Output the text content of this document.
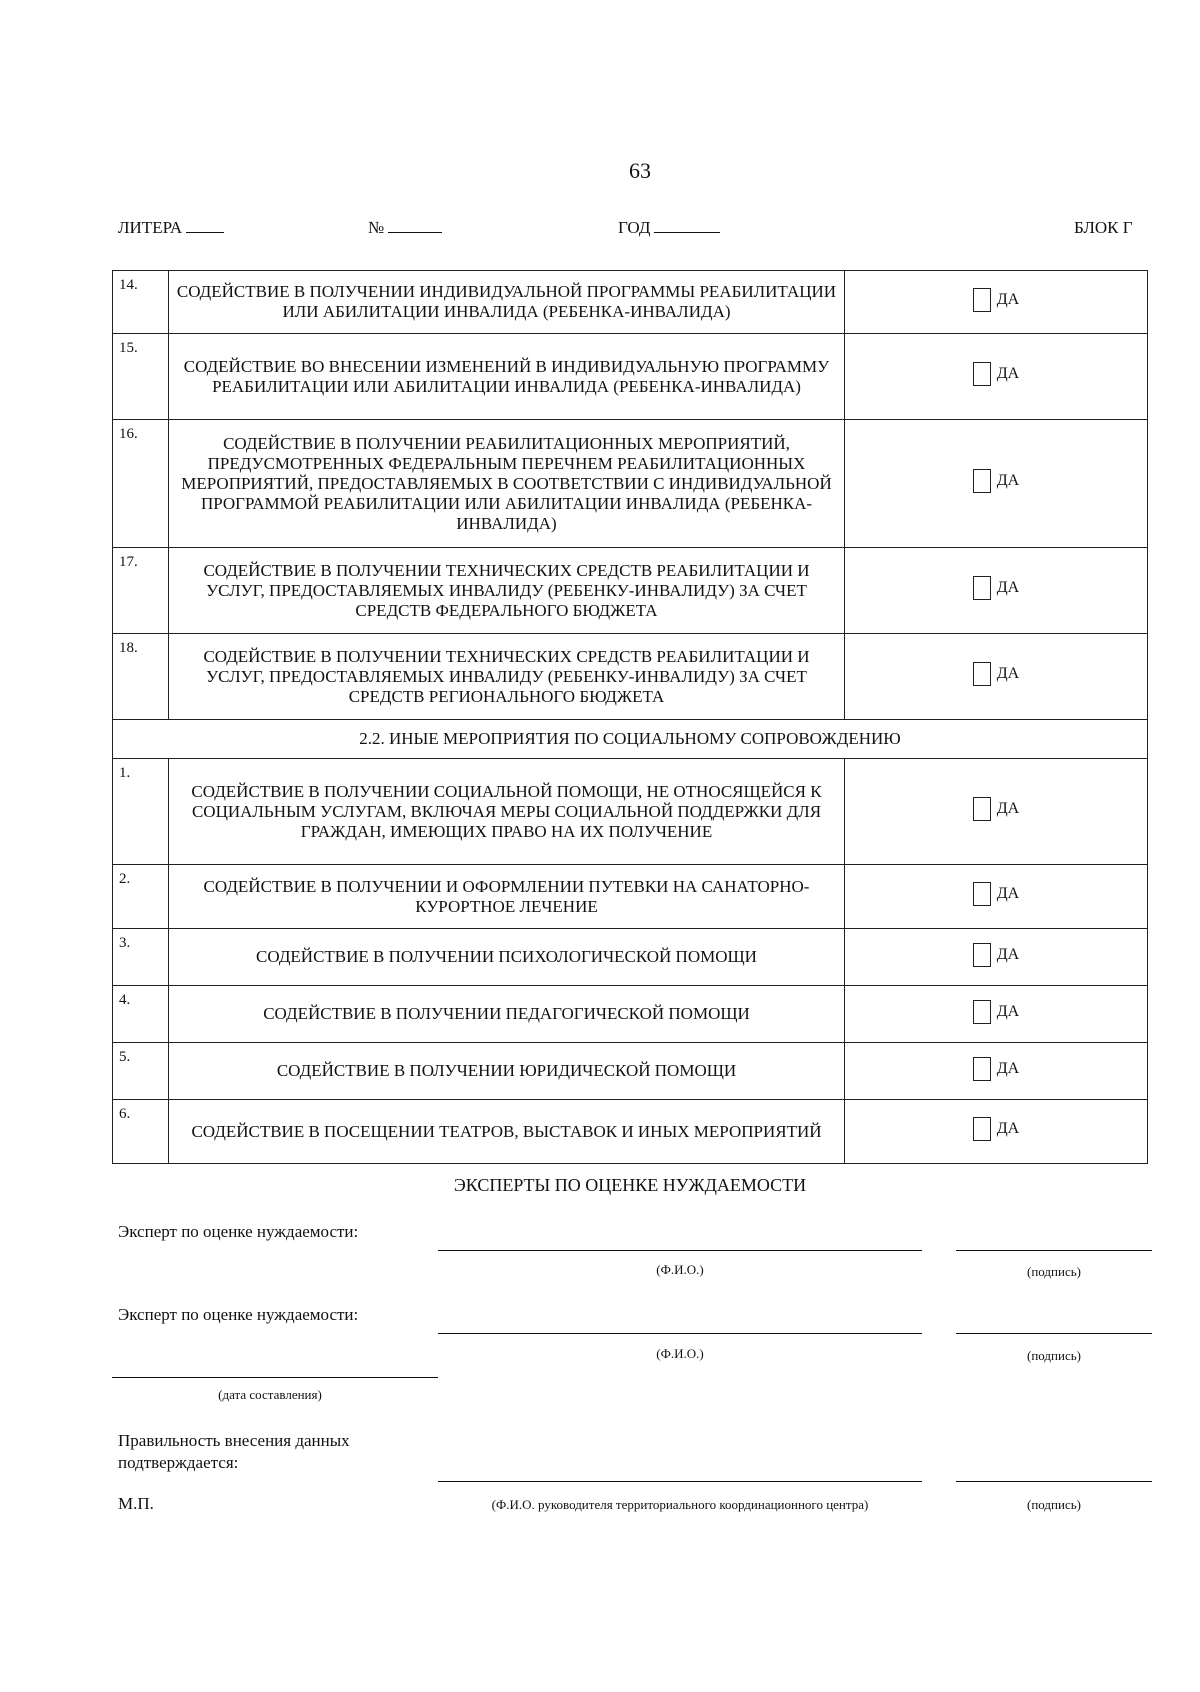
63
ЛИТЕРА	№	ГОД	БЛОК Г
14.	СОДЕЙСТВИЕ В ПОЛУЧЕНИИ ИНДИВИДУАЛЬНОЙ ПРОГРАММЫ РЕАБИЛИТАЦИИ ИЛИ АБИЛИТАЦИИ ИНВАЛИДА (РЕБЕНКА-ИНВАЛИДА)	ДА

15.	СОДЕЙСТВИЕ ВО ВНЕСЕНИИ ИЗМЕНЕНИЙ В ИНДИВИДУАЛЬНУЮ ПРОГРАММУ РЕАБИЛИТАЦИИ ИЛИ АБИЛИТАЦИИ ИНВАЛИДА (РЕБЕНКА-ИНВАЛИДА)	ДА

16.	СОДЕЙСТВИЕ В ПОЛУЧЕНИИ РЕАБИЛИТАЦИОННЫХ МЕРОПРИЯТИЙ, ПРЕДУСМОТРЕННЫХ ФЕДЕРАЛЬНЫМ ПЕРЕЧНЕМ РЕАБИЛИТАЦИОННЫХ МЕРОПРИЯТИЙ, ПРЕДОСТАВЛЯЕМЫХ В СООТВЕТСТВИИ С ИНДИВИДУАЛЬНОЙ ПРОГРАММОЙ РЕАБИЛИТАЦИИ ИЛИ АБИЛИТАЦИИ ИНВАЛИДА (РЕБЕНКА-ИНВАЛИДА)	ДА

17.	СОДЕЙСТВИЕ В ПОЛУЧЕНИИ ТЕХНИЧЕСКИХ СРЕДСТВ РЕАБИЛИТАЦИИ И УСЛУГ, ПРЕДОСТАВЛЯЕМЫХ ИНВАЛИДУ (РЕБЕНКУ-ИНВАЛИДУ) ЗА СЧЕТ СРЕДСТВ ФЕДЕРАЛЬНОГО БЮДЖЕТА	ДА

18.	СОДЕЙСТВИЕ В ПОЛУЧЕНИИ ТЕХНИЧЕСКИХ СРЕДСТВ РЕАБИЛИТАЦИИ И УСЛУГ, ПРЕДОСТАВЛЯЕМЫХ ИНВАЛИДУ (РЕБЕНКУ-ИНВАЛИДУ) ЗА СЧЕТ СРЕДСТВ РЕГИОНАЛЬНОГО БЮДЖЕТА	ДА

2.2. ИНЫЕ МЕРОПРИЯТИЯ ПО СОЦИАЛЬНОМУ СОПРОВОЖДЕНИЮ		
1.	СОДЕЙСТВИЕ В ПОЛУЧЕНИИ СОЦИАЛЬНОЙ ПОМОЩИ, НЕ ОТНОСЯЩЕЙСЯ К СОЦИАЛЬНЫМ УСЛУГАМ, ВКЛЮЧАЯ МЕРЫ СОЦИАЛЬНОЙ ПОДДЕРЖКИ ДЛЯ ГРАЖДАН, ИМЕЮЩИХ ПРАВО НА ИХ ПОЛУЧЕНИЕ	ДА

2.	СОДЕЙСТВИЕ В ПОЛУЧЕНИИ И ОФОРМЛЕНИИ ПУТЕВКИ НА САНАТОРНО-КУРОРТНОЕ ЛЕЧЕНИЕ	ДА

3.	СОДЕЙСТВИЕ В ПОЛУЧЕНИИ ПСИХОЛОГИЧЕСКОЙ ПОМОЩИ	ДА

4.	СОДЕЙСТВИЕ В ПОЛУЧЕНИИ ПЕДАГОГИЧЕСКОЙ ПОМОЩИ	ДА

5.	СОДЕЙСТВИЕ В ПОЛУЧЕНИИ ЮРИДИЧЕСКОЙ ПОМОЩИ	ДА

6.	СОДЕЙСТВИЕ В ПОСЕЩЕНИИ ТЕАТРОВ, ВЫСТАВОК И ИНЫХ МЕРОПРИЯТИЙ	ДА
ЭКСПЕРТЫ ПО ОЦЕНКЕ НУЖДАЕМОСТИ
Эксперт по оценке нуждаемости:
(Ф.И.О.)	(подпись)
Эксперт по оценке нуждаемости:
(Ф.И.О.)	(подпись)
(дата составления)
Правильность внесения данных
подтверждается:
М.П.	(Ф.И.О. руководителя территориального координационного центра)	(подпись)
